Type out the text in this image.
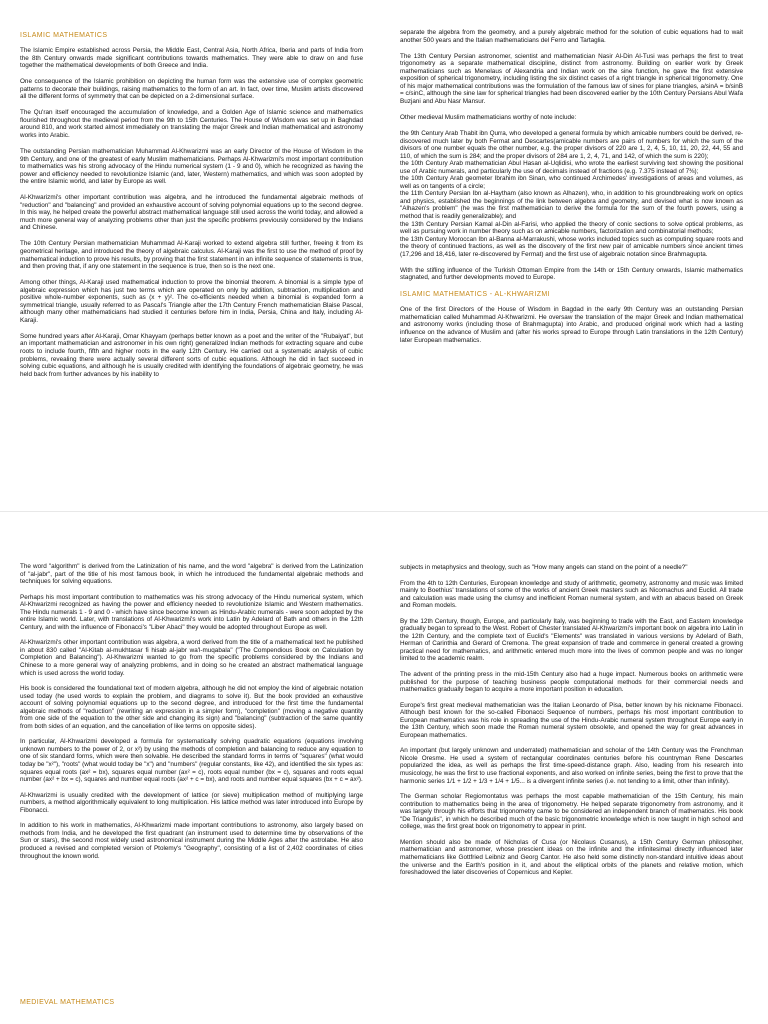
ISLAMIC MATHEMATICS

The Islamic Empire established across Persia, the Middle East, Central Asia, North Africa, Iberia and parts of India from the 8th Century onwards made significant contributions towards mathematics. They were able to draw on and fuse together the mathematical developments of both Greece and India.

One consequence of the Islamic prohibition on depicting the human form was the extensive use of complex geometric patterns to decorate their buildings, raising mathematics to the form of an art. In fact, over time, Muslim artists discovered all the different forms of symmetry that can be depicted on a 2-dimensional surface.

The Qu'ran itself encouraged the accumulation of knowledge, and a Golden Age of Islamic science and mathematics flourished throughout the medieval period from the 9th to 15th Centuries. The House of Wisdom was set up in Baghdad around 810, and work started almost immediately on translating the major Greek and Indian mathematical and astronomy works into Arabic.

The outstanding Persian mathematician Muhammad Al-Khwarizmi was an early Director of the House of Wisdom in the 9th Century, and one of the greatest of early Muslim mathematicians. Perhaps Al-Khwarizmi's most important contribution to mathematics was his strong advocacy of the Hindu numerical system (1 - 9 and 0), which he recognized as having the power and efficiency needed to revolutionize Islamic (and, later, Western) mathematics, and which was soon adopted by the entire Islamic world, and later by Europe as well.

Al-Khwarizmi's other important contribution was algebra, and he introduced the fundamental algebraic methods of "reduction" and "balancing" and provided an exhaustive account of solving polynomial equations up to the second degree. In this way, he helped create the powerful abstract mathematical language still used across the world today, and allowed a much more general way of analyzing problems other than just the specific problems previously considered by the Indians and Chinese.

The 10th Century Persian mathematician Muhammad Al-Karaji worked to extend algebra still further, freeing it from its geometrical heritage, and introduced the theory of algebraic calculus. Al-Karaji was the first to use the method of proof by mathematical induction to prove his results, by proving that the first statement in an infinite sequence of statements is true, and then proving that, if any one statement in the sequence is true, then so is the next one.

Among other things, Al-Karaji used mathematical induction to prove the binomial theorem. A binomial is a simple type of algebraic expression which has just two terms which are operated on only by addition, subtraction, multiplication and positive whole-number exponents, such as (x + y)². The co-efficients needed when a binomial is expanded form a symmetrical triangle, usually referred to as Pascal's Triangle after the 17th Century French mathematician Blaise Pascal, although many other mathematicians had studied it centuries before him in India, Persia, China and Italy, including Al-Karaji.

Some hundred years after Al-Karaji, Omar Khayyam (perhaps better known as a poet and the writer of the "Rubaiyat", but an important mathematician and astronomer in his own right) generalized Indian methods for extracting square and cube roots to include fourth, fifth and higher roots in the early 12th Century. He carried out a systematic analysis of cubic problems, revealing there were actually several different sorts of cubic equations. Although he did in fact succeed in solving cubic equations, and although he is usually credited with identifying the foundations of algebraic geometry, he was held back from further advances by his inability to

separate the algebra from the geometry, and a purely algebraic method for the solution of cubic equations had to wait another 500 years and the Italian mathematicians del Ferro and Tartaglia.

The 13th Century Persian astronomer, scientist and mathematician Nasir Al-Din Al-Tusi was perhaps the first to treat trigonometry as a separate mathematical discipline, distinct from astronomy. Building on earlier work by Greek mathematicians such as Menelaus of Alexandria and Indian work on the sine function, he gave the first extensive exposition of spherical trigonometry, including listing the six distinct cases of a right triangle in spherical trigonometry. One of his major mathematical contributions was the formulation of the famous law of sines for plane triangles, a/sinA = b/sinB = c/sinC, although the sine law for spherical triangles had been discovered earlier by the 10th Century Persians Abul Wafa Buzjani and Abu Nasr Mansur.

Other medieval Muslim mathematicians worthy of note include:

the 9th Century Arab Thabit ibn Qurra, who developed a general formula by which amicable numbers could be derived, re-discovered much later by both Fermat and Descartes(amicable numbers are pairs of numbers for which the sum of the divisors of one number equals the other number, e.g. the proper divisors of 220 are 1, 2, 4, 5, 10, 11, 20, 22, 44, 55 and 110, of which the sum is 284; and the proper divisors of 284 are 1, 2, 4, 71, and 142, of which the sum is 220);

the 10th Century Arab mathematician Abul Hasan al-Uqlidisi, who wrote the earliest surviving text showing the positional use of Arabic numerals, and particularly the use of decimals instead of fractions (e.g. 7.375 instead of 7⅜);

the 10th Century Arab geometer Ibrahim ibn Sinan, who continued Archimedes' investigations of areas and volumes, as well as on tangents of a circle;

the 11th Century Persian Ibn al-Haytham (also known as Alhazen), who, in addition to his groundbreaking work on optics and physics, established the beginnings of the link between algebra and geometry, and devised what is now known as "Alhazen's problem" (he was the first mathematician to derive the formula for the sum of the fourth powers, using a method that is readily generalizable); and

the 13th Century Persian Kamal al-Din al-Farisi, who applied the theory of conic sections to solve optical problems, as well as pursuing work in number theory such as on amicable numbers, factorization and combinatorial methods;

the 13th Century Moroccan Ibn al-Banna al-Marrakushi, whose works included topics such as computing square roots and the theory of continued fractions, as well as the discovery of the first new pair of amicable numbers since ancient times (17,296 and 18,416, later re-discovered by Fermat) and the first use of algebraic notation since Brahmagupta.

With the stifling influence of the Turkish Ottoman Empire from the 14th or 15th Century onwards, Islamic mathematics stagnated, and further developments moved to Europe.

ISLAMIC MATHEMATICS - AL-KHWARIZMI

One of the first Directors of the House of Wisdom in Bagdad in the early 9th Century was an outstanding Persian mathematician called Muhammad Al-Khwarizmi. He oversaw the translation of the major Greek and Indian mathematical and astronomy works (including those of Brahmagupta) into Arabic, and produced original work which had a lasting influence on the advance of Muslim and (after his works spread to Europe through Latin translations in the 12th Century) later European mathematics.

The word "algorithm" is derived from the Latinization of his name, and the word "algebra" is derived from the Latinization of "al-jabr", part of the title of his most famous book, in which he introduced the fundamental algebraic methods and techniques for solving equations.

Perhaps his most important contribution to mathematics was his strong advocacy of the Hindu numerical system, which Al-Khwarizmi recognized as having the power and efficiency needed to revolutionize Islamic and Western mathematics. The Hindu numerals 1 - 9 and 0 - which have since become known as Hindu-Arabic numerals - were soon adopted by the entire Islamic world. Later, with translations of Al-Khwarizmi's work into Latin by Adelard of Bath and others in the 12th Century, and with the influence of Fibonacci's "Liber Abaci" they would be adopted throughout Europe as well.

Al-Khwarizmi's other important contribution was algebra, a word derived from the title of a mathematical text he published in about 830 called "Al-Kitab al-mukhtasar fi hisab al-jabr wa'l-muqabala" ("The Compendious Book on Calculation by Completion and Balancing"). Al-Khwarizmi wanted to go from the specific problems considered by the Indians and Chinese to a more general way of analyzing problems, and in doing so he created an abstract mathematical language which is used across the world today.

His book is considered the foundational text of modern algebra, although he did not employ the kind of algebraic notation used today (he used words to explain the problem, and diagrams to solve it). But the book provided an exhaustive account of solving polynomial equations up to the second degree, and introduced for the first time the fundamental algebraic methods of "reduction" (rewriting an expression in a simpler form), "completion" (moving a negative quantity from one side of the equation to the other side and changing its sign) and "balancing" (subtraction of the same quantity from both sides of an equation, and the cancellation of like terms on opposite sides).

In particular, Al-Khwarizmi developed a formula for systematically solving quadratic equations (equations involving unknown numbers to the power of 2, or x²) by using the methods of completion and balancing to reduce any equation to one of six standard forms, which were then solvable. He described the standard forms in terms of "squares" (what would today be "x²"), "roots" (what would today be "x") and "numbers" (regular constants, like 42), and identified the six types as: squares equal roots (ax² = bx), squares equal number (ax² = c), roots equal number (bx = c), squares and roots equal number (ax² + bx = c), squares and number equal roots (ax² + c = bx), and roots and number equal squares (bx + c = ax²).

Al-Khwarizmi is usually credited with the development of lattice (or sieve) multiplication method of multiplying large numbers, a method algorithmically equivalent to long multiplication. His lattice method was later introduced into Europe by Fibonacci.

In addition to his work in mathematics, Al-Khwarizmi made important contributions to astronomy, also largely based on methods from India, and he developed the first quadrant (an instrument used to determine time by observations of the Sun or stars), the second most widely used astronomical instrument during the Middle Ages after the astrolabe. He also produced a revised and completed version of Ptolemy's "Geography", consisting of a list of 2,402 coordinates of cities throughout the known world.

MEDIEVAL MATHEMATICS

subjects in metaphysics and theology, such as "How many angels can stand on the point of a needle?"

From the 4th to 12th Centuries, European knowledge and study of arithmetic, geometry, astronomy and music was limited mainly to Boethius' translations of some of the works of ancient Greek masters such as Nicomachus and Euclid. All trade and calculation was made using the clumsy and inefficient Roman numeral system, and with an abacus based on Greek and Roman models.

By the 12th Century, though, Europe, and particularly Italy, was beginning to trade with the East, and Eastern knowledge gradually began to spread to the West. Robert of Chester translated Al-Khwarizmi's important book on algebra into Latin in the 12th Century, and the complete text of Euclid's "Elements" was translated in various versions by Adelard of Bath, Herman of Carinthia and Gerard of Cremona. The great expansion of trade and commerce in general created a growing practical need for mathematics, and arithmetic entered much more into the lives of common people and was no longer limited to the academic realm.

The advent of the printing press in the mid-15th Century also had a huge impact. Numerous books on arithmetic were published for the purpose of teaching business people computational methods for their commercial needs and mathematics gradually began to acquire a more important position in education.

Europe's first great medieval mathematician was the Italian Leonardo of Pisa, better known by his nickname Fibonacci. Although best known for the so-called Fibonacci Sequence of numbers, perhaps his most important contribution to European mathematics was his role in spreading the use of the Hindu-Arabic numeral system throughout Europe early in the 13th Century, which soon made the Roman numeral system obsolete, and opened the way for great advances in European mathematics.

An important (but largely unknown and underrated) mathematician and scholar of the 14th Century was the Frenchman Nicole Oresme. He used a system of rectangular coordinates centuries before his countryman Rene Descartes popularized the idea, as well as perhaps the first time-speed-distance graph. Also, leading from his research into musicology, he was the first to use fractional exponents, and also worked on infinite series, being the first to prove that the harmonic series 1/1 + 1/2 + 1/3 + 1/4 + 1/5... is a divergent infinite series (i.e. not tending to a limit, other than infinity).

The German scholar Regiomontatus was perhaps the most capable mathematician of the 15th Century, his main contribution to mathematics being in the area of trigonometry. He helped separate trigonometry from astronomy, and it was largely through his efforts that trigonometry came to be considered an independent branch of mathematics. His book "De Triangulis", in which he described much of the basic trigonometric knowledge which is now taught in high school and college, was the first great book on trigonometry to appear in print.

Mention should also be made of Nicholas of Cusa (or Nicolaus Cusanus), a 15th Century German philosopher, mathematician and astronomer, whose prescient ideas on the infinite and the infinitesimal directly influenced later mathematicians like Gottfried Leibniz and Georg Cantor. He also held some distinctly non-standard intuitive ideas about the universe and the Earth's position in it, and about the elliptical orbits of the planets and relative motion, which foreshadowed the later discoveries of Copernicus and Kepler.
